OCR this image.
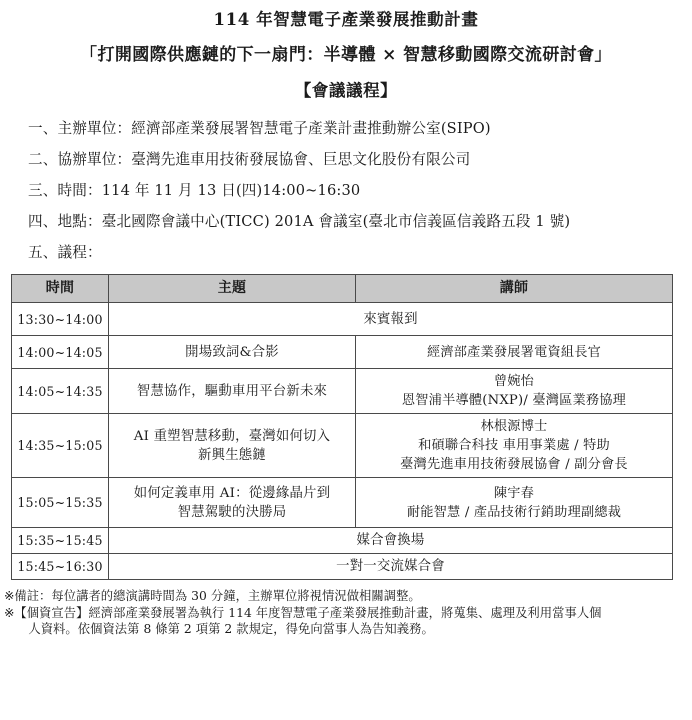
114 年智慧電子產業發展推動計畫
「打開國際供應鏈的下一扇門：半導體 × 智慧移動國際交流研討會」
【會議議程】
一、主辦單位：經濟部產業發展署智慧電子產業計畫推動辦公室(SIPO)
二、協辦單位：臺灣先進車用技術發展協會、巨思文化股份有限公司
三、時間：114 年 11 月 13 日(四)14:00~16:30
四、地點：臺北國際會議中心(TICC) 201A 會議室(臺北市信義區信義路五段 1 號)
五、議程：
時間	主題	講師
13:30~14:00	來賓報到	
14:00~14:05	開場致詞&合影	經濟部產業發展署電資組長官

14:05~14:35	智慧協作，驅動車用平台新未來	曾婉怡
恩智浦半導體(NXP)/ 臺灣區業務協理

14:35~15:05	AI 重塑智慧移動，臺灣如何切入
新興生態鏈	林根源博士
和碩聯合科技 車用事業處 / 特助
臺灣先進車用技術發展協會 / 副分會長

15:05~15:35	如何定義車用 AI：從邊緣晶片到
智慧駕駛的決勝局	陳宇春
耐能智慧 / 產品技術行銷助理副總裁

15:35~15:45	媒合會換場	
15:45~16:30	一對一交流媒合會	
※ 備註：每位講者的總演講時間為 30 分鐘，主辦單位將視情況做相關調整。
※ 【個資宣告】經濟部產業發展署為執行 114 年度智慧電子產業發展推動計畫，將蒐集、處理及利用當事人個
人資料。依個資法第 8 條第 2 項第 2 款規定，得免向當事人為告知義務。
